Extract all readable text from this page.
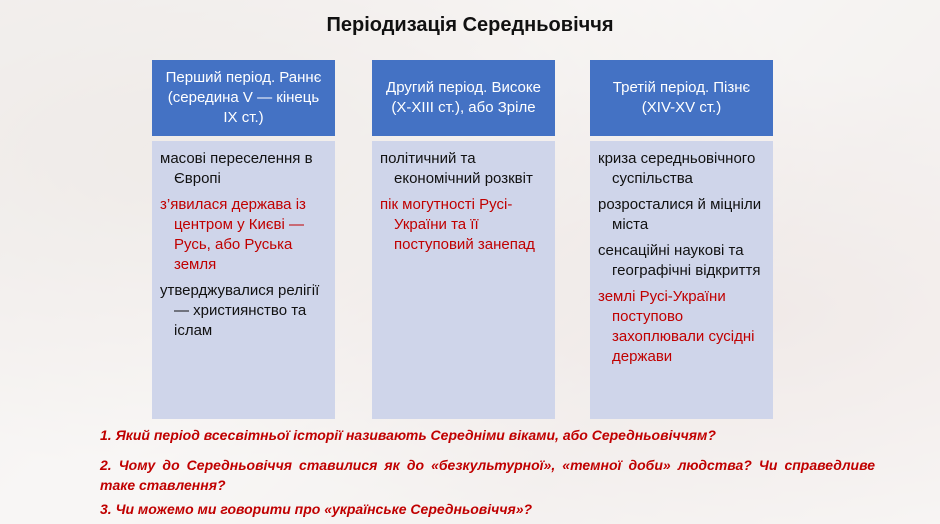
Періодизація Середньовіччя
Перший період. Раннє (середина V — кінець IX ст.)
масові переселення в Європі
з’явилася держава із центром у Києві — Русь, або Руська земля
утверджувалися релігії — християнство та іслам
Другий період. Високе (X-XIII ст.), або Зріле
політичний та економічний розквіт
пік могутності Русі-України та її поступовий занепад
Третій період. Пізнє (XIV-XV ст.)
криза середньовічного суспільства
розросталися й міцніли міста
сенсаційні наукові та географічні відкриття
землі Русі-України поступово захоплювали сусідні держави
1. Який період всесвітньої історії називають Середніми віками, або Середньовіччям?
2. Чому до Середньовіччя ставилися як до «безкультурної», «темної доби» людства? Чи справедливе таке ставлення?
3. Чи можемо ми говорити про «українське Середньовіччя»?
